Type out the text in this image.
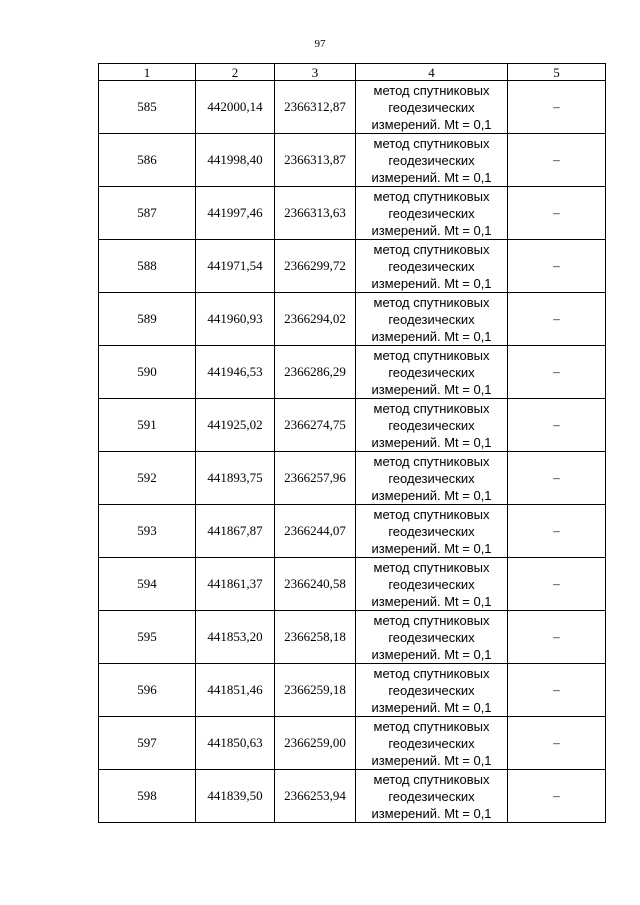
97
1	2	3	4	5
585	442000,14	2366312,87	метод спутниковых
геодезических
измерений. Mt = 0,1	–
586	441998,40	2366313,87	метод спутниковых
геодезических
измерений. Mt = 0,1	–
587	441997,46	2366313,63	метод спутниковых
геодезических
измерений. Mt = 0,1	–
588	441971,54	2366299,72	метод спутниковых
геодезических
измерений. Mt = 0,1	–
589	441960,93	2366294,02	метод спутниковых
геодезических
измерений. Mt = 0,1	–
590	441946,53	2366286,29	метод спутниковых
геодезических
измерений. Mt = 0,1	–
591	441925,02	2366274,75	метод спутниковых
геодезических
измерений. Mt = 0,1	–
592	441893,75	2366257,96	метод спутниковых
геодезических
измерений. Mt = 0,1	–
593	441867,87	2366244,07	метод спутниковых
геодезических
измерений. Mt = 0,1	–
594	441861,37	2366240,58	метод спутниковых
геодезических
измерений. Mt = 0,1	–
595	441853,20	2366258,18	метод спутниковых
геодезических
измерений. Mt = 0,1	–
596	441851,46	2366259,18	метод спутниковых
геодезических
измерений. Mt = 0,1	–
597	441850,63	2366259,00	метод спутниковых
геодезических
измерений. Mt = 0,1	–
598	441839,50	2366253,94	метод спутниковых
геодезических
измерений. Mt = 0,1	–
